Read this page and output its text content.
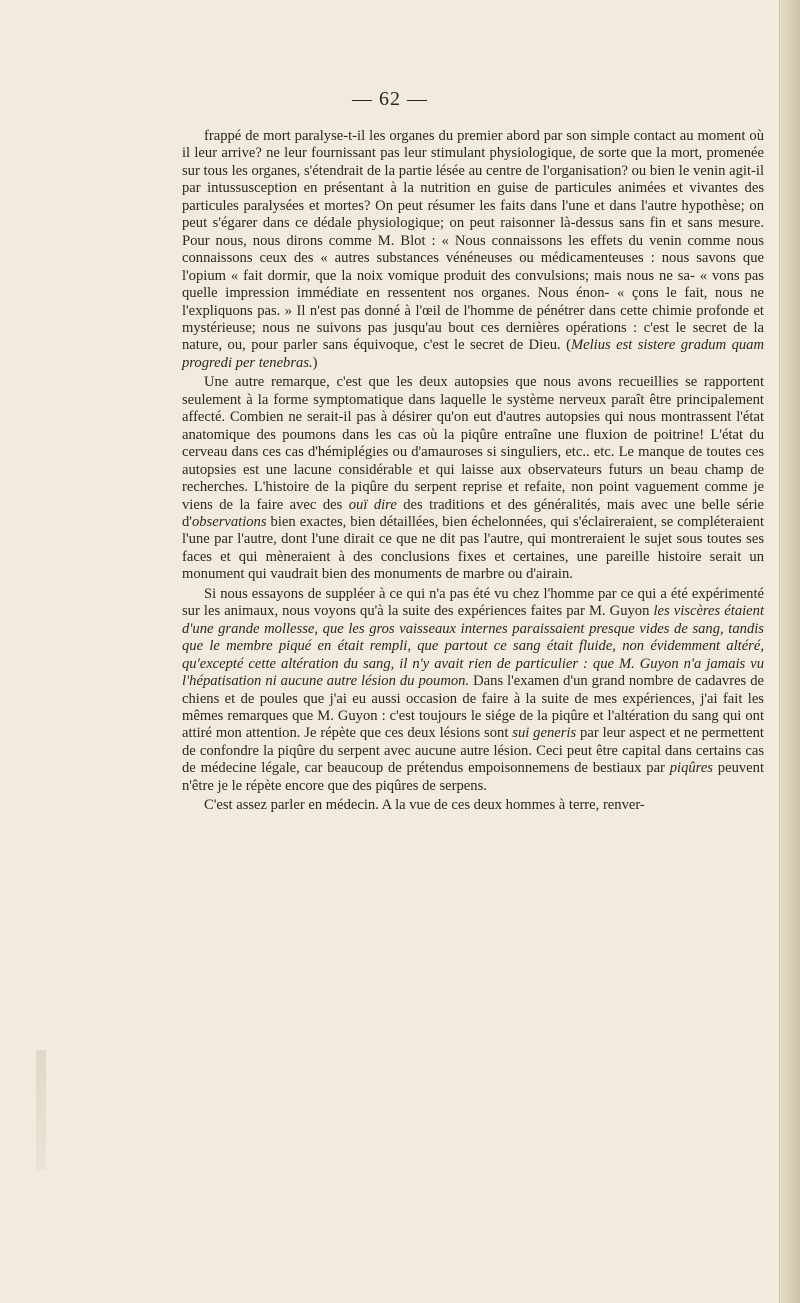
— 62 —

frappé de mort paralyse-t-il les organes du premier abord par son simple contact au moment où il leur arrive? ne leur fournissant pas leur stimulant physiologique, de sorte que la mort, promenée sur tous les organes, s'étendrait de la partie lésée au centre de l'organisation? ou bien le venin agit-il par intussusception en présentant à la nutrition en guise de particules animées et vivantes des particules paralysées et mortes? On peut résumer les faits dans l'une et dans l'autre hypothèse; on peut s'égarer dans ce dédale physiologique; on peut raisonner là-dessus sans fin et sans mesure. Pour nous, nous dirons comme M. Blot : « Nous connaissons les effets du venin comme nous connaissons ceux des « autres substances vénéneuses ou médicamenteuses : nous savons que l'opium « fait dormir, que la noix vomique produit des convulsions; mais nous ne sa- « vons pas quelle impression immédiate en ressentent nos organes. Nous énon- « çons le fait, nous ne l'expliquons pas. » Il n'est pas donné à l'œil de l'homme de pénétrer dans cette chimie profonde et mystérieuse; nous ne suivons pas jusqu'au bout ces dernières opérations : c'est le secret de la nature, ou, pour parler sans équivoque, c'est le secret de Dieu. (Melius est sistere gradum quam progredi per tenebras.)

Une autre remarque, c'est que les deux autopsies que nous avons recueillies se rapportent seulement à la forme symptomatique dans laquelle le système nerveux paraît être principalement affecté. Combien ne serait-il pas à désirer qu'on eut d'autres autopsies qui nous montrassent l'état anatomique des poumons dans les cas où la piqûre entraîne une fluxion de poitrine! L'état du cerveau dans ces cas d'hémiplégies ou d'amauroses si singuliers, etc.. etc. Le manque de toutes ces autopsies est une lacune considérable et qui laisse aux observateurs futurs un beau champ de recherches. L'histoire de la piqûre du serpent reprise et refaite, non point vaguement comme je viens de la faire avec des ouï dire des traditions et des généralités, mais avec une belle série d'observations bien exactes, bien détaillées, bien échelonnées, qui s'éclaireraient, se compléteraient l'une par l'autre, dont l'une dirait ce que ne dit pas l'autre, qui montreraient le sujet sous toutes ses faces et qui mèneraient à des conclusions fixes et certaines, une pareille histoire serait un monument qui vaudrait bien des monuments de marbre ou d'airain.

Si nous essayons de suppléer à ce qui n'a pas été vu chez l'homme par ce qui a été expérimenté sur les animaux, nous voyons qu'à la suite des expériences faites par M. Guyon les viscères étaient d'une grande mollesse, que les gros vaisseaux internes paraissaient presque vides de sang, tandis que le membre piqué en était rempli, que partout ce sang était fluide, non évidemment altéré, qu'excepté cette altération du sang, il n'y avait rien de particulier : que M. Guyon n'a jamais vu l'hépatisation ni aucune autre lésion du poumon. Dans l'examen d'un grand nombre de cadavres de chiens et de poules que j'ai eu aussi occasion de faire à la suite de mes expériences, j'ai fait les mêmes remarques que M. Guyon : c'est toujours le siége de la piqûre et l'altération du sang qui ont attiré mon attention. Je répète que ces deux lésions sont sui generis par leur aspect et ne permettent de confondre la piqûre du serpent avec aucune autre lésion. Ceci peut être capital dans certains cas de médecine légale, car beaucoup de prétendus empoisonnemens de bestiaux par piqûres peuvent n'être je le répète encore que des piqûres de serpens.

C'est assez parler en médecin. A la vue de ces deux hommes à terre, renver-
